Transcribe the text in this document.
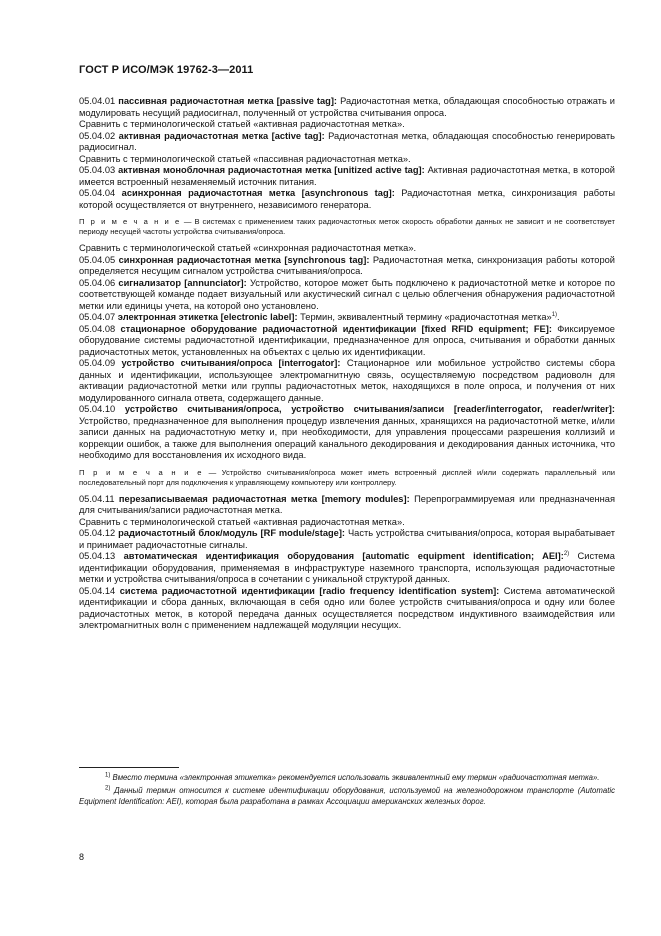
ГОСТ Р ИСО/МЭК 19762-3—2011

05.04.01 пассивная радиочастотная метка [passive tag]: Радиочастотная метка, обладающая способностью отражать и модулировать несущий радиосигнал, полученный от устройства считывания опроса.

Сравнить с терминологической статьей «активная радиочастотная метка».

05.04.02 активная радиочастотная метка [active tag]: Радиочастотная метка, обладающая способностью генерировать радиосигнал.

Сравнить с терминологической статьей «пассивная радиочастотная метка».

05.04.03 активная моноблочная радиочастотная метка [unitized active tag]: Активная радиочастотная метка, в которой имеется встроенный незаменяемый источник питания.

05.04.04 асинхронная радиочастотная метка [asynchronous tag]: Радиочастотная метка, синхронизация работы которой осуществляется от внутреннего, независимого генератора.

П р и м е ч а н и е — В системах с применением таких радиочастотных меток скорость обработки данных не зависит и не соответствует периоду несущей частоты устройства считывания/опроса.

Сравнить с терминологической статьей «синхронная радиочастотная метка».

05.04.05 синхронная радиочастотная метка [synchronous tag]: Радиочастотная метка, синхронизация работы которой определяется несущим сигналом устройства считывания/опроса.

05.04.06 сигнализатор [annunciator]: Устройство, которое может быть подключено к радиочастотной метке и которое по соответствующей команде подает визуальный или акустический сигнал с целью облегчения обнаружения радиочастотной метки или единицы учета, на которой оно установлено.

05.04.07 электронная этикетка [electronic label]: Термин, эквивалентный термину «радиочастотная метка»$^{1)}$.

05.04.08 стационарное оборудование радиочастотной идентификации [fixed RFID equipment; FE]: Фиксируемое оборудование системы радиочастотной идентификации, предназначенное для опроса, считывания и обработки данных радиочастотных меток, установленных на объектах с целью их идентификации.

05.04.09 устройство считывания/опроса [interrogator]: Стационарное или мобильное устройство системы сбора данных и идентификации, использующее электромагнитную связь, осуществляемую посредством радиоволн для активации радиочастотной метки или группы радиочастотных меток, находящихся в поле опроса, и получения от них модулированного сигнала ответа, содержащего данные.

05.04.10 устройство считывания/опроса, устройство считывания/записи [reader/interrogator, reader/writer]: Устройство, предназначенное для выполнения процедур извлечения данных, хранящихся на радиочастотной метке, и/или записи данных на радиочастотную метку и, при необходимости, для управления процессами разрешения коллизий и коррекции ошибок, а также для выполнения операций канального декодирования и декодирования данных источника, что необходимо для восстановления их исходного вида.

П р и м е ч а н и е — Устройство считывания/опроса может иметь встроенный дисплей и/или содержать параллельный или последовательный порт для подключения к управляющему компьютеру или контроллеру.

05.04.11 перезаписываемая радиочастотная метка [memory modules]: Перепрограммируемая или предназначенная для считывания/записи радиочастотная метка.

Сравнить с терминологической статьей «активная радиочастотная метка».

05.04.12 радиочастотный блок/модуль [RF module/stage]: Часть устройства считывания/опроса, которая вырабатывает и принимает радиочастотные сигналы.

05.04.13 автоматическая идентификация оборудования [automatic equipment identification; AEI]:$^{2)}$ Система идентификации оборудования, применяемая в инфраструктуре наземного транспорта, использующая радиочастотные метки и устройства считывания/опроса в сочетании с уникальной структурой данных.

05.04.14 система радиочастотной идентификации [radio frequency identification system]: Система автоматической идентификации и сбора данных, включающая в себя одно или более устройств считывания/опроса и одну или более радиочастотных меток, в которой передача данных осуществляется посредством индуктивного взаимодействия или электромагнитных волн с применением надлежащей модуляции несущих.

$^{1)}$ Вместо термина «электронная этикетка» рекомендуется использовать эквивалентный ему термин «радиочастотная метка».

$^{2)}$ Данный термин относится к системе идентификации оборудования, используемой на железнодорожном транспорте (Automatic Equipment Identification: AEI), которая была разработана в рамках Ассоциации американских железных дорог.

8
